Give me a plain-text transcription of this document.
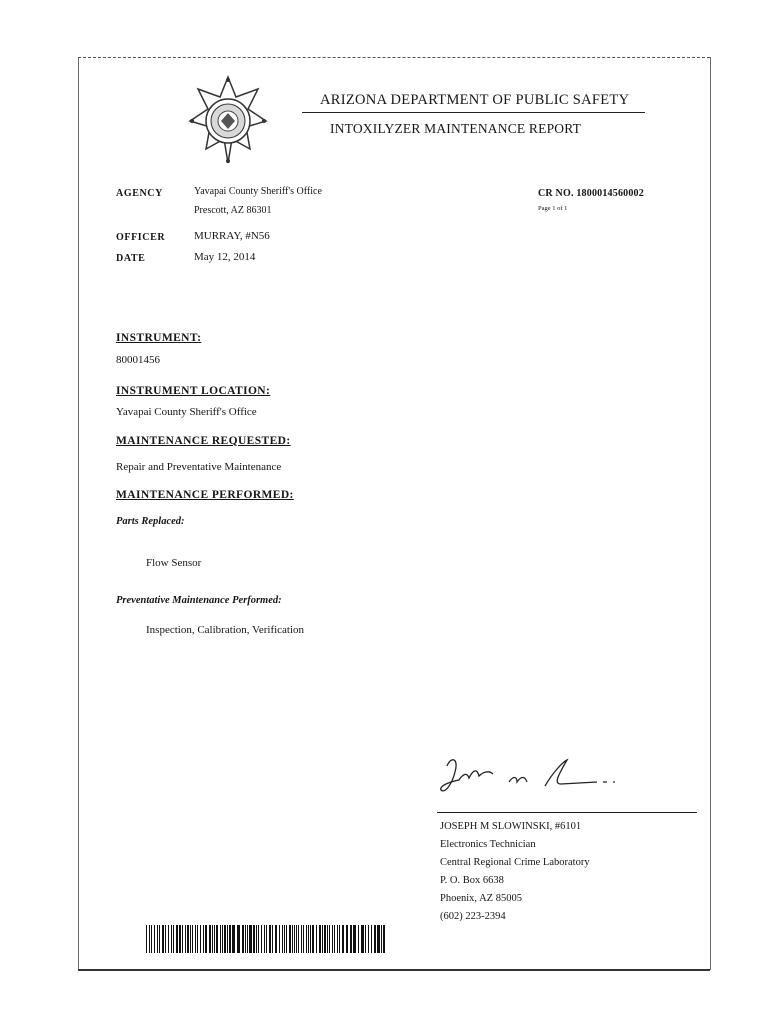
ARIZONA DEPARTMENT OF PUBLIC SAFETY
INTOXILYZER MAINTENANCE REPORT
AGENCY	Yavapai County Sheriff's Office
Prescott, AZ 86301
CR NO. 1800014560002
Page 1 of 1
OFFICER	MURRAY, #N56
DATE	May 12, 2014
INSTRUMENT:
80001456
INSTRUMENT LOCATION:
Yavapai County Sheriff's Office
MAINTENANCE REQUESTED:
Repair and Preventative Maintenance
MAINTENANCE PERFORMED:
Parts Replaced:
Flow Sensor
Preventative Maintenance Performed:
Inspection, Calibration, Verification
JOSEPH M SLOWINSKI, #6101
Electronics Technician
Central Regional Crime Laboratory
P. O. Box 6638
Phoenix, AZ 85005
(602) 223-2394
